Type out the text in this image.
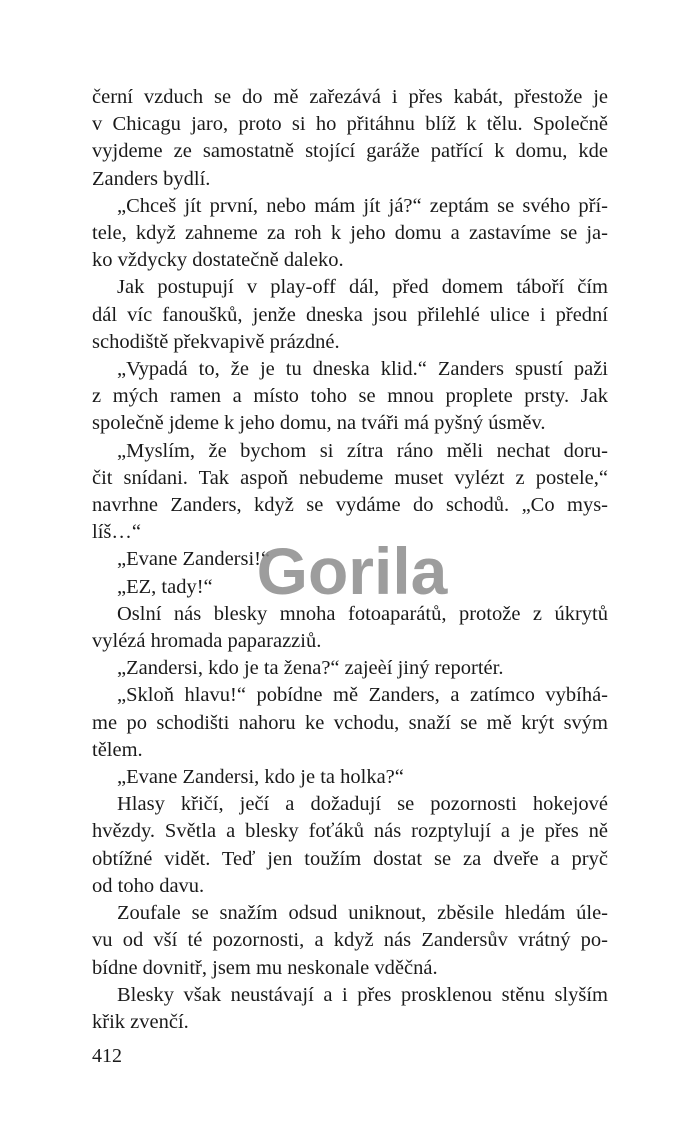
černí vzduch se do mě zařezává i přes kabát, přestože je
v Chicagu jaro, proto si ho přitáhnu blíž k tělu. Společně
vyjdeme ze samostatně stojící garáže patřící k domu, kde
Zanders bydlí.

„Chceš jít první, nebo mám jít já?“ zeptám se svého pří-
tele, když zahneme za roh k jeho domu a zastavíme se ja-
ko vždycky dostatečně daleko.

Jak postupují v play-off dál, před domem táboří čím
dál víc fanoušků, jenže dneska jsou přilehlé ulice i přední
schodiště překvapivě prázdné.

„Vypadá to, že je tu dneska klid.“ Zanders spustí paži
z mých ramen a místo toho se mnou proplete prsty. Jak
společně jdeme k jeho domu, na tváři má pyšný úsměv.

„Myslím, že bychom si zítra ráno měli nechat doru-
čit snídani. Tak aspoň nebudeme muset vylézt z postele,“
navrhne Zanders, když se vydáme do schodů. „Co mys-
líš…“

„Evane Zandersi!“

„EZ, tady!“

Oslní nás blesky mnoha fotoaparátů, protože z úkrytů
vylézá hromada paparazziů.

„Zandersi, kdo je ta žena?“ zajeèí jiný reportér.

„Skloň hlavu!“ pobídne mě Zanders, a zatímco vybíhá-
me po schodišti nahoru ke vchodu, snaží se mě krýt svým
tělem.

„Evane Zandersi, kdo je ta holka?“

Hlasy křičí, ječí a dožadují se pozornosti hokejové
hvězdy. Světla a blesky foťáků nás rozptylují a je přes ně
obtížné vidět. Teď jen toužím dostat se za dveře a pryč
od toho davu.

Zoufale se snažím odsud uniknout, zběsile hledám úle-
vu od vší té pozornosti, a když nás Zandersův vrátný po-
bídne dovnitř, jsem mu neskonale vděčná.

Blesky však neustávají a i přes prosklenou stěnu slyším
křik zvenčí.

412
Gorila
